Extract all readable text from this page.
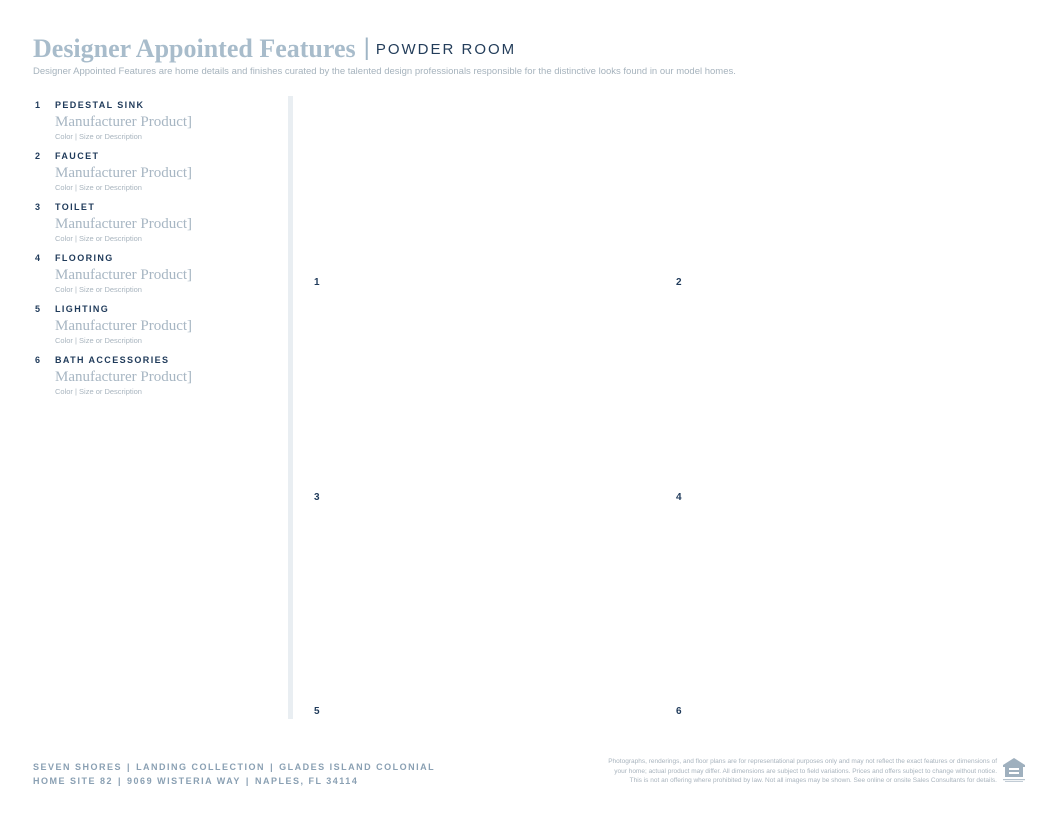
Designer Appointed Features | POWDER ROOM
Designer Appointed Features are home details and finishes curated by the talented design professionals responsible for the distinctive looks found in our model homes.
1 PEDESTAL SINK
Manufacturer Product]
Color | Size or Description
2 FAUCET
Manufacturer Product]
Color | Size or Description
3 TOILET
Manufacturer Product]
Color | Size or Description
4 FLOORING
Manufacturer Product]
Color | Size or Description
5 LIGHTING
Manufacturer Product]
Color | Size or Description
6 BATH ACCESSORIES
Manufacturer Product]
Color | Size or Description
1	2
3	4
5	6
SEVEN SHORES | LANDING COLLECTION | GLADES ISLAND COLONIAL
HOME SITE 82 | 9069 WISTERIA WAY | NAPLES, FL 34114
Photographs, renderings, and floor plans are for representational purposes only and may not reflect the exact features or dimensions of
your home; actual product may differ. All dimensions are subject to field variations. Prices and offers subject to change without notice.
This is not an offering where prohibited by law. Not all images may be shown. See online or onsite Sales Consultants for details.
